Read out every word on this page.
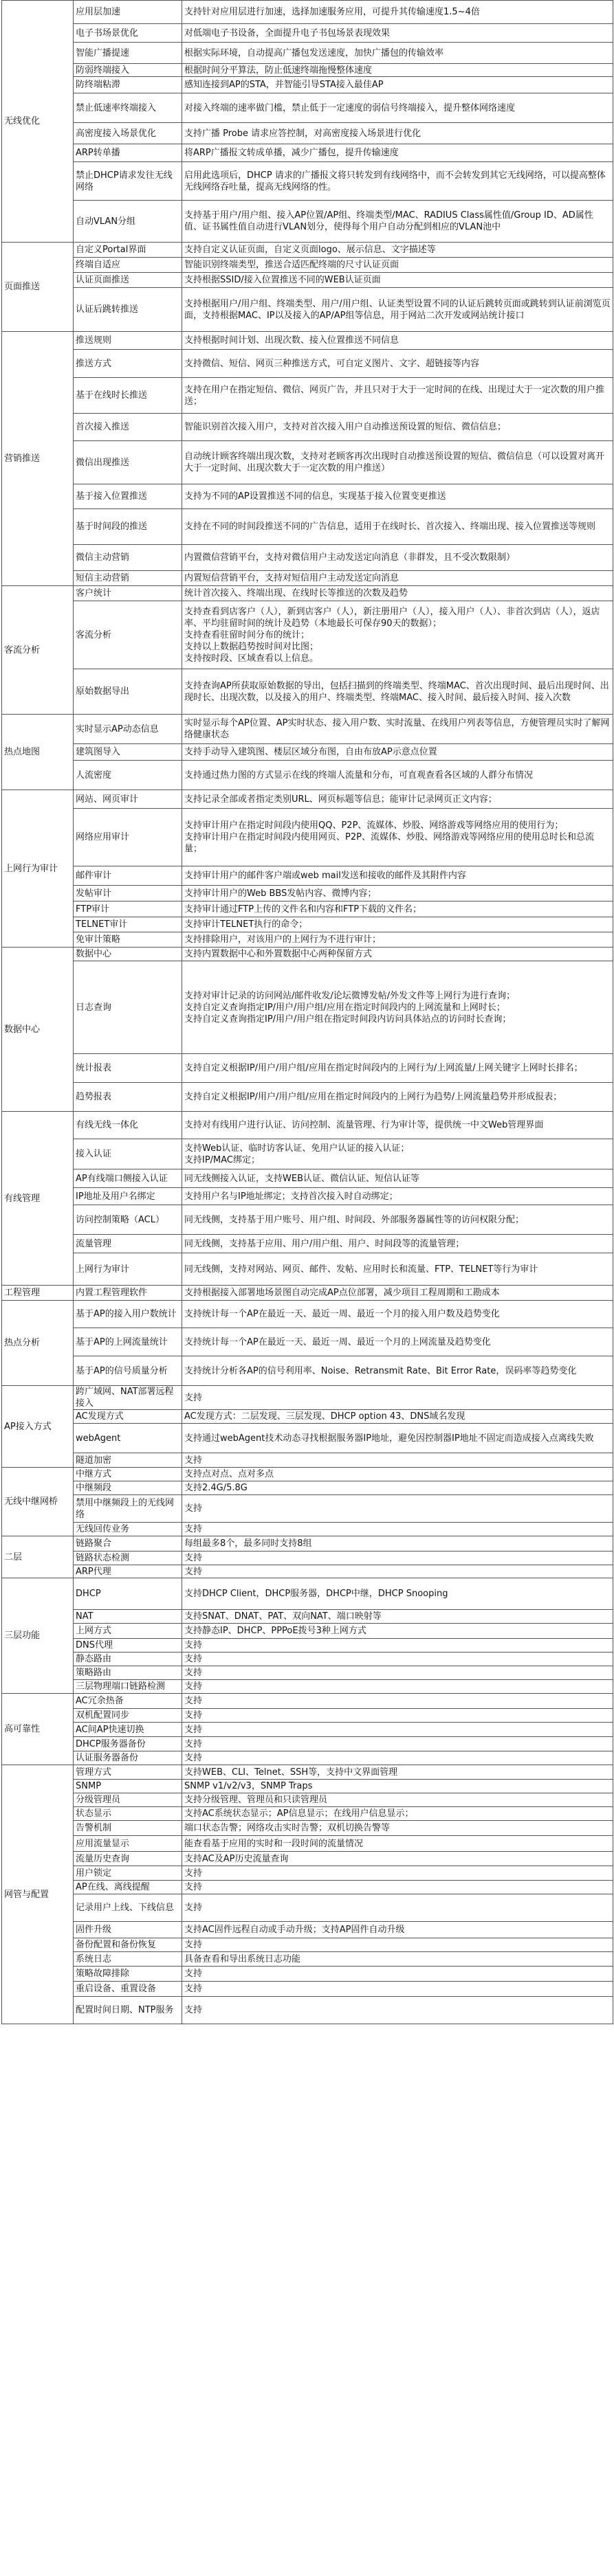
无线优化	应用层加速	支持针对应用层进行加速，选择加速服务应用，可提升其传输速度1.5~4倍
	电子书场景优化	对低端电子书设备，全面提升电子书包场景表现效果
	智能广播提速	根据实际环境，自动提高广播包发送速度，加快广播包的传输效率
	防弱终端接入	根据时间分平算法，防止低速终端拖慢整体速度
	防终端粘滞	感知连接到AP的STA，并智能引导STA接入最佳AP
	禁止低速率终端接入	对接入终端的速率做门槛，禁止低于一定速度的弱信号终端接入，提升整体网络速度
	高密度接入场景优化	支持广播 Probe 请求应答控制，对高密度接入场景进行优化
	ARP转单播	将ARP广播报文转成单播，减少广播包，提升传输速度
	禁止DHCP请求发往无线网络	启用此选项后，DHCP 请求的广播报文将只转发到有线网络中，而不会转发到其它无线网络，可以提高整体无线网络吞吐量，提高无线网络的性。
	自动VLAN分组	支持基于用户/用户组、接入AP位置/AP组、终端类型/MAC、RADIUS Class属性值/Group ID、AD属性值、证书属性值自动进行VLAN划分，使得每个用户自动分配到相应的VLAN池中
页面推送	自定义Portal界面	支持自定义认证页面，自定义页面logo、展示信息、文字描述等
	终端自适应	智能识别终端类型，推送合适匹配终端的尺寸认证页面
	认证页面推送	支持根据SSID/接入位置推送不同的WEB认证页面
	认证后跳转推送	支持根据用户/用户组、终端类型、用户/用户组、认证类型设置不同的认证后跳转页面或跳转到认证前浏览页面，支持根据MAC、IP以及接入的AP/AP组等信息，用于网站二次开发或网站统计接口
营销推送	推送规则	支持根据时间计划、出现次数、接入位置推送不同信息
	推送方式	支持微信、短信、网页三种推送方式，可自定义图片、文字、超链接等内容
	基于在线时长推送	支持在用户在指定短信、微信、网页广告，并且只对于大于一定时间的在线、出现过大于一定次数的用户推送；
	首次接入推送	智能识别首次接入用户，支持对首次接入用户自动推送预设置的短信、微信信息；
	微信出现推送	自动统计顾客终端出现次数，支持对老顾客再次出现时自动推送预设置的短信、微信信息（可以设置对离开大于一定时间、出现次数大于一定次数的用户推送）
	基于接入位置推送	支持为不同的AP设置推送不同的信息，实现基于接入位置变更推送
	基于时间段的推送	支持在不同的时间段推送不同的广告信息，适用于在线时长、首次接入、终端出现、接入位置推送等规则
	微信主动营销	内置微信营销平台，支持对微信用户主动发送定向消息（非群发，且不受次数限制）
	短信主动营销	内置短信营销平台，支持对短信用户主动发送定向消息
客流分析	客户统计	统计首次接入、终端出现、在线时长等推送的次数及趋势
	客流分析	支持查看到店客户（人），新到店客户（人），新注册用户（人），接入用户（人）、非首次到店（人），返店率、平均驻留时间的统计及趋势（本地最长可保存90天的数据）；
支持查看驻留时间分布的统计；
支持以上数据趋势按时间对比图；
支持按时段、区域查看以上信息。
	原始数据导出	支持查询AP所获取原始数据的导出，包括扫描到的终端类型、终端MAC、首次出现时间、最后出现时间、出现时长、出现次数，以及接入的用户、终端类型、终端MAC、接入时间、最后接入时间、接入次数
热点地图	实时显示AP动态信息	实时显示每个AP位置、AP实时状态、接入用户数、实时流量、在线用户列表等信息，方便管理员实时了解网络健康状态
	建筑图导入	支持手动导入建筑图、楼层区域分布图，自由布放AP示意点位置
	人流密度	支持通过热力图的方式显示在线的终端人流量和分布，可直观查看各区域的人群分布情况
上网行为审计	网站、网页审计	支持记录全部或者指定类别URL、网页标题等信息；能审计记录网页正文内容；
	网络应用审计	支持审计用户在指定时间段内使用QQ、P2P、流媒体、炒股、网络游戏等网络应用的使用行为；
支持审计用户在指定时间段内使用网页、P2P、流媒体、炒股、网络游戏等网络应用的使用总时长和总流量；
	邮件审计	支持审计用户的邮件客户端或web mail发送和接收的邮件及其附件内容
	发帖审计	支持审计用户的Web BBS发帖内容、微博内容；
	FTP审计	支持审计通过FTP上传的文件名和内容和FTP下载的文件名；
	TELNET审计	支持审计TELNET执行的命令；
	免审计策略	支持排除用户，对该用户的上网行为不进行审计；
数据中心	数据中心	支持内置数据中心和外置数据中心两种保留方式
	日志查询	支持对审计记录的访问网站/邮件收发/论坛微博发帖/外发文件等上网行为进行查询；
支持自定义查询指定IP/用户/用户组/应用在指定时间段内的上网流量和上网时长；
支持自定义查询指定IP/用户/用户组在指定时间段内访问具体站点的访问时长查询；
	统计报表	支持自定义根据IP/用户/用户组/应用在指定时间段内的上网行为/上网流量/上网关键字上网时长排名；
	趋势报表	支持自定义根据IP/用户/用户组/应用在指定时间段内的上网行为趋势/上网流量趋势并形成报表；
有线管理	有线无线一体化	支持对有线用户进行认证、访问控制、流量管理、行为审计等，提供统一中文Web管理界面
	接入认证	支持Web认证、临时访客认证、免用户认证的接入认证；
支持IP/MAC绑定；
	AP有线端口侧接入认证	同无线侧接入认证，支持WEB认证、微信认证、短信认证等
	IP地址及用户名绑定	支持用户名与IP地址绑定；支持首次接入时自动绑定；
	访问控制策略（ACL）	同无线侧，支持基于用户账号、用户组、时间段、外部服务器属性等的访问权限分配；
	流量管理	同无线侧，支持基于应用、用户/用户组、用户、时间段等的流量管理；
	上网行为审计	同无线侧，支持对网站、网页、邮件、发帖、应用时长和流量、FTP、TELNET等行为审计
工程管理	内置工程管理软件	支持根据接入部署地场景图自动完成AP点位部署，减少项目工程周期和工勘成本
热点分析	基于AP的接入用户数统计	支持统计每一个AP在最近一天、最近一周、最近一个月的接入用户数及趋势变化
	基于AP的上网流量统计	支持统计每一个AP在最近一天、最近一周、最近一个月的上网流量及趋势变化
	基于AP的信号质量分析	支持统计分析各AP的信号利用率、Noise、Retransmit Rate、Bit Error Rate，误码率等趋势变化
AP接入方式	跨广域网、NAT部署远程接入	支持
	AC发现方式	AC发现方式：二层发现、三层发现、DHCP option 43、DNS域名发现
	webAgent	支持通过webAgent技术动态寻找根据服务器IP地址，避免因控制器IP地址不固定而造成接入点离线失败
	隧道加密	支持
无线中继网桥	中继方式	支持点对点、点对多点
	中继频段	支持2.4G/5.8G
	禁用中继频段上的无线网络	支持
	无线回传业务	支持
二层	链路聚合	每组最多8个，最多同时支持8组
	链路状态检测	支持
	ARP代理	支持
三层功能	DHCP	支持DHCP Client，DHCP服务器，DHCP中继，DHCP Snooping
	NAT	支持SNAT、DNAT、PAT、双向NAT、端口映射等
	上网方式	支持静态IP、DHCP、PPPoE拨号3种上网方式
	DNS代理	支持
	静态路由	支持
	策略路由	支持
	三层物理端口链路检测	支持
高可靠性	AC冗余热备	支持
	双机配置同步	支持
	AC间AP快速切换	支持
	DHCP服务器备份	支持
	认证服务器备份	支持
网管与配置	管理方式	支持WEB、CLI、Telnet、SSH等，支持中文界面管理
	SNMP	SNMP v1/v2/v3，SNMP Traps
	分级管理员	支持分级管理、管理员和只读管理员
	状态显示	支持AC系统状态显示；AP信息显示；在线用户信息显示；
	告警机制	端口状态告警；网络攻击实时告警；双机切换告警等
	应用流量显示	能查看基于应用的实时和一段时间的流量情况
	流量历史查询	支持AC及AP历史流量查询
	用户锁定	支持
	AP在线、离线提醒	支持
	记录用户上线、下线信息	支持
	固件升级	支持AC固件远程自动或手动升级；支持AP固件自动升级
	备份配置和备份恢复	支持
	系统日志	具备查看和导出系统日志功能
	策略故障排除	支持
	重启设备、重置设备	支持
	配置时间日期、NTP服务	支持
